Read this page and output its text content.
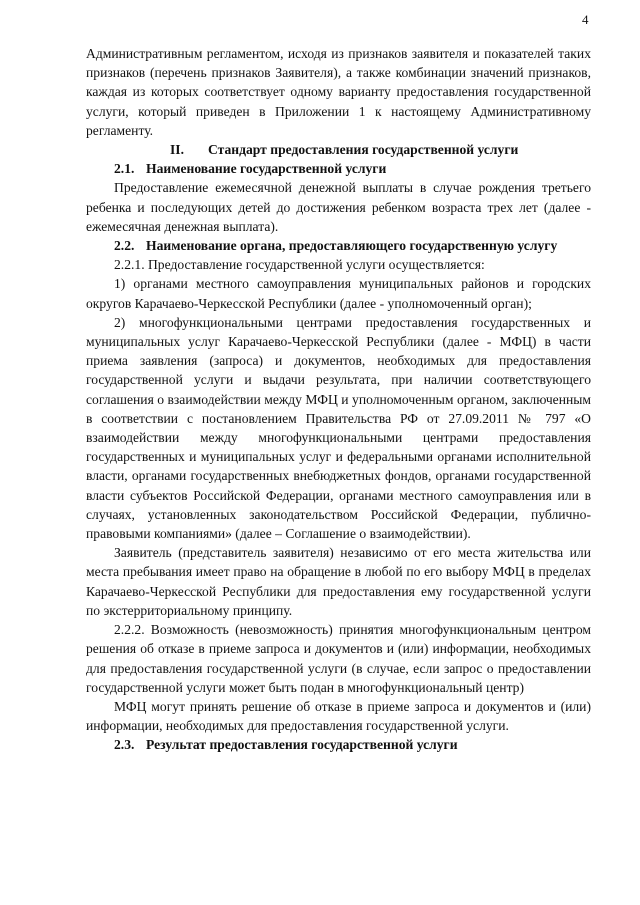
4

Административным регламентом, исходя из признаков заявителя и показателей таких признаков (перечень признаков Заявителя), а также комбинации значений признаков, каждая из которых соответствует одному варианту предоставления государственной услуги, который приведен в Приложении 1 к настоящему Административному регламенту.

II. Стандарт предоставления государственной услуги

2.1. Наименование государственной услуги

Предоставление ежемесячной денежной выплаты в случае рождения третьего ребенка и последующих детей до достижения ребенком возраста трех лет (далее - ежемесячная денежная выплата).

2.2. Наименование органа, предоставляющего государственную услугу

2.2.1. Предоставление государственной услуги осуществляется:

1) органами местного самоуправления муниципальных районов и городских округов Карачаево-Черкесской Республики (далее - уполномоченный орган);

2) многофункциональными центрами предоставления государственных и муниципальных услуг Карачаево-Черкесской Республики (далее - МФЦ) в части приема заявления (запроса) и документов, необходимых для предоставления государственной услуги и выдачи результата, при наличии соответствующего соглашения о взаимодействии между МФЦ и уполномоченным органом, заключенным в соответствии с постановлением Правительства РФ от 27.09.2011 № 797 «О взаимодействии между многофункциональными центрами предоставления государственных и муниципальных услуг и федеральными органами исполнительной власти, органами государственных внебюджетных фондов, органами государственной власти субъектов Российской Федерации, органами местного самоуправления или в случаях, установленных законодательством Российской Федерации, публично-правовыми компаниями» (далее – Соглашение о взаимодействии).

Заявитель (представитель заявителя) независимо от его места жительства или места пребывания имеет право на обращение в любой по его выбору МФЦ в пределах Карачаево-Черкесской Республики для предоставления ему государственной услуги по экстерриториальному принципу.

2.2.2. Возможность (невозможность) принятия многофункциональным центром решения об отказе в приеме запроса и документов и (или) информации, необходимых для предоставления государственной услуги (в случае, если запрос о предоставлении государственной услуги может быть подан в многофункциональный центр)

МФЦ могут принять решение об отказе в приеме запроса и документов и (или) информации, необходимых для предоставления государственной услуги.

2.3. Результат предоставления государственной услуги
